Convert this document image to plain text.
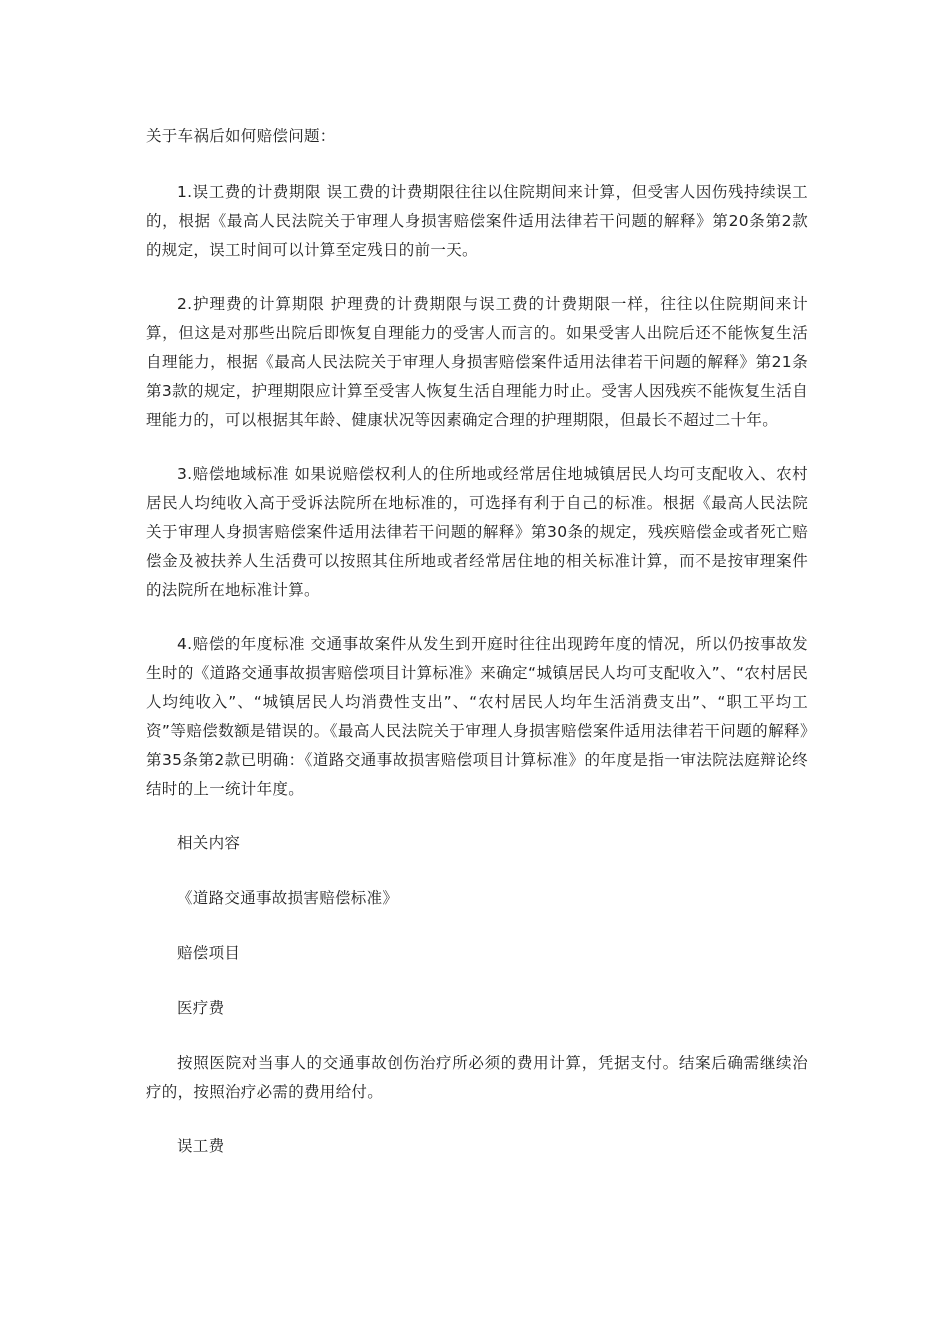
关于车祸后如何赔偿问题：

1.误工费的计费期限 误工费的计费期限往往以住院期间来计算，但受害人因伤残持续误工的，根据《最高人民法院关于审理人身损害赔偿案件适用法律若干问题的解释》第20条第2款的规定，误工时间可以计算至定残日的前一天。

2.护理费的计算期限 护理费的计费期限与误工费的计费期限一样，往往以住院期间来计算，但这是对那些出院后即恢复自理能力的受害人而言的。如果受害人出院后还不能恢复生活自理能力，根据《最高人民法院关于审理人身损害赔偿案件适用法律若干问题的解释》第21条第3款的规定，护理期限应计算至受害人恢复生活自理能力时止。受害人因残疾不能恢复生活自理能力的，可以根据其年龄、健康状况等因素确定合理的护理期限，但最长不超过二十年。

3.赔偿地域标准 如果说赔偿权利人的住所地或经常居住地城镇居民人均可支配收入、农村居民人均纯收入高于受诉法院所在地标准的，可选择有利于自己的标准。根据《最高人民法院关于审理人身损害赔偿案件适用法律若干问题的解释》第30条的规定，残疾赔偿金或者死亡赔偿金及被扶养人生活费可以按照其住所地或者经常居住地的相关标准计算，而不是按审理案件的法院所在地标准计算。

4.赔偿的年度标准 交通事故案件从发生到开庭时往往出现跨年度的情况，所以仍按事故发生时的《道路交通事故损害赔偿项目计算标准》来确定“城镇居民人均可支配收入”、“农村居民人均纯收入”、“城镇居民人均消费性支出”、“农村居民人均年生活消费支出”、“职工平均工资”等赔偿数额是错误的。《最高人民法院关于审理人身损害赔偿案件适用法律若干问题的解释》第35条第2款已明确：《道路交通事故损害赔偿项目计算标准》的年度是指一审法院法庭辩论终结时的上一统计年度。

相关内容

《道路交通事故损害赔偿标准》

赔偿项目

医疗费

按照医院对当事人的交通事故创伤治疗所必须的费用计算，凭据支付。结案后确需继续治疗的，按照治疗必需的费用给付。

误工费
